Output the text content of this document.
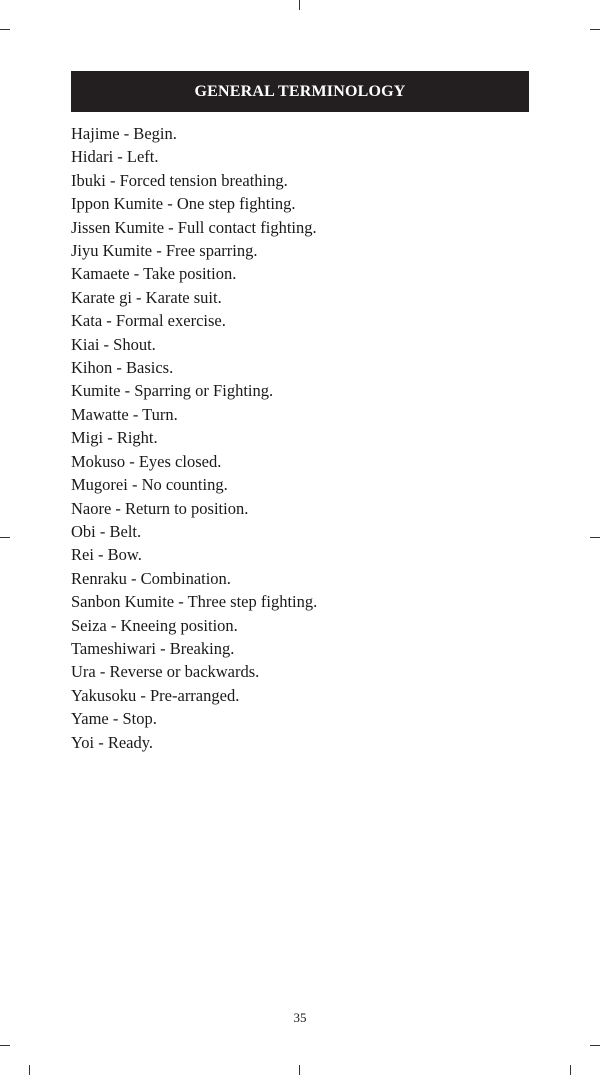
GENERAL TERMINOLOGY
Hajime - Begin.
Hidari - Left.
Ibuki - Forced tension breathing.
Ippon Kumite - One step fighting.
Jissen Kumite - Full contact fighting.
Jiyu Kumite - Free sparring.
Kamaete - Take position.
Karate gi - Karate suit.
Kata - Formal exercise.
Kiai - Shout.
Kihon - Basics.
Kumite - Sparring or Fighting.
Mawatte - Turn.
Migi - Right.
Mokuso - Eyes closed.
Mugorei - No counting.
Naore - Return to position.
Obi - Belt.
Rei - Bow.
Renraku - Combination.
Sanbon Kumite - Three step fighting.
Seiza - Kneeing position.
Tameshiwari - Breaking.
Ura - Reverse or backwards.
Yakusoku - Pre-arranged.
Yame - Stop.
Yoi - Ready.
35
